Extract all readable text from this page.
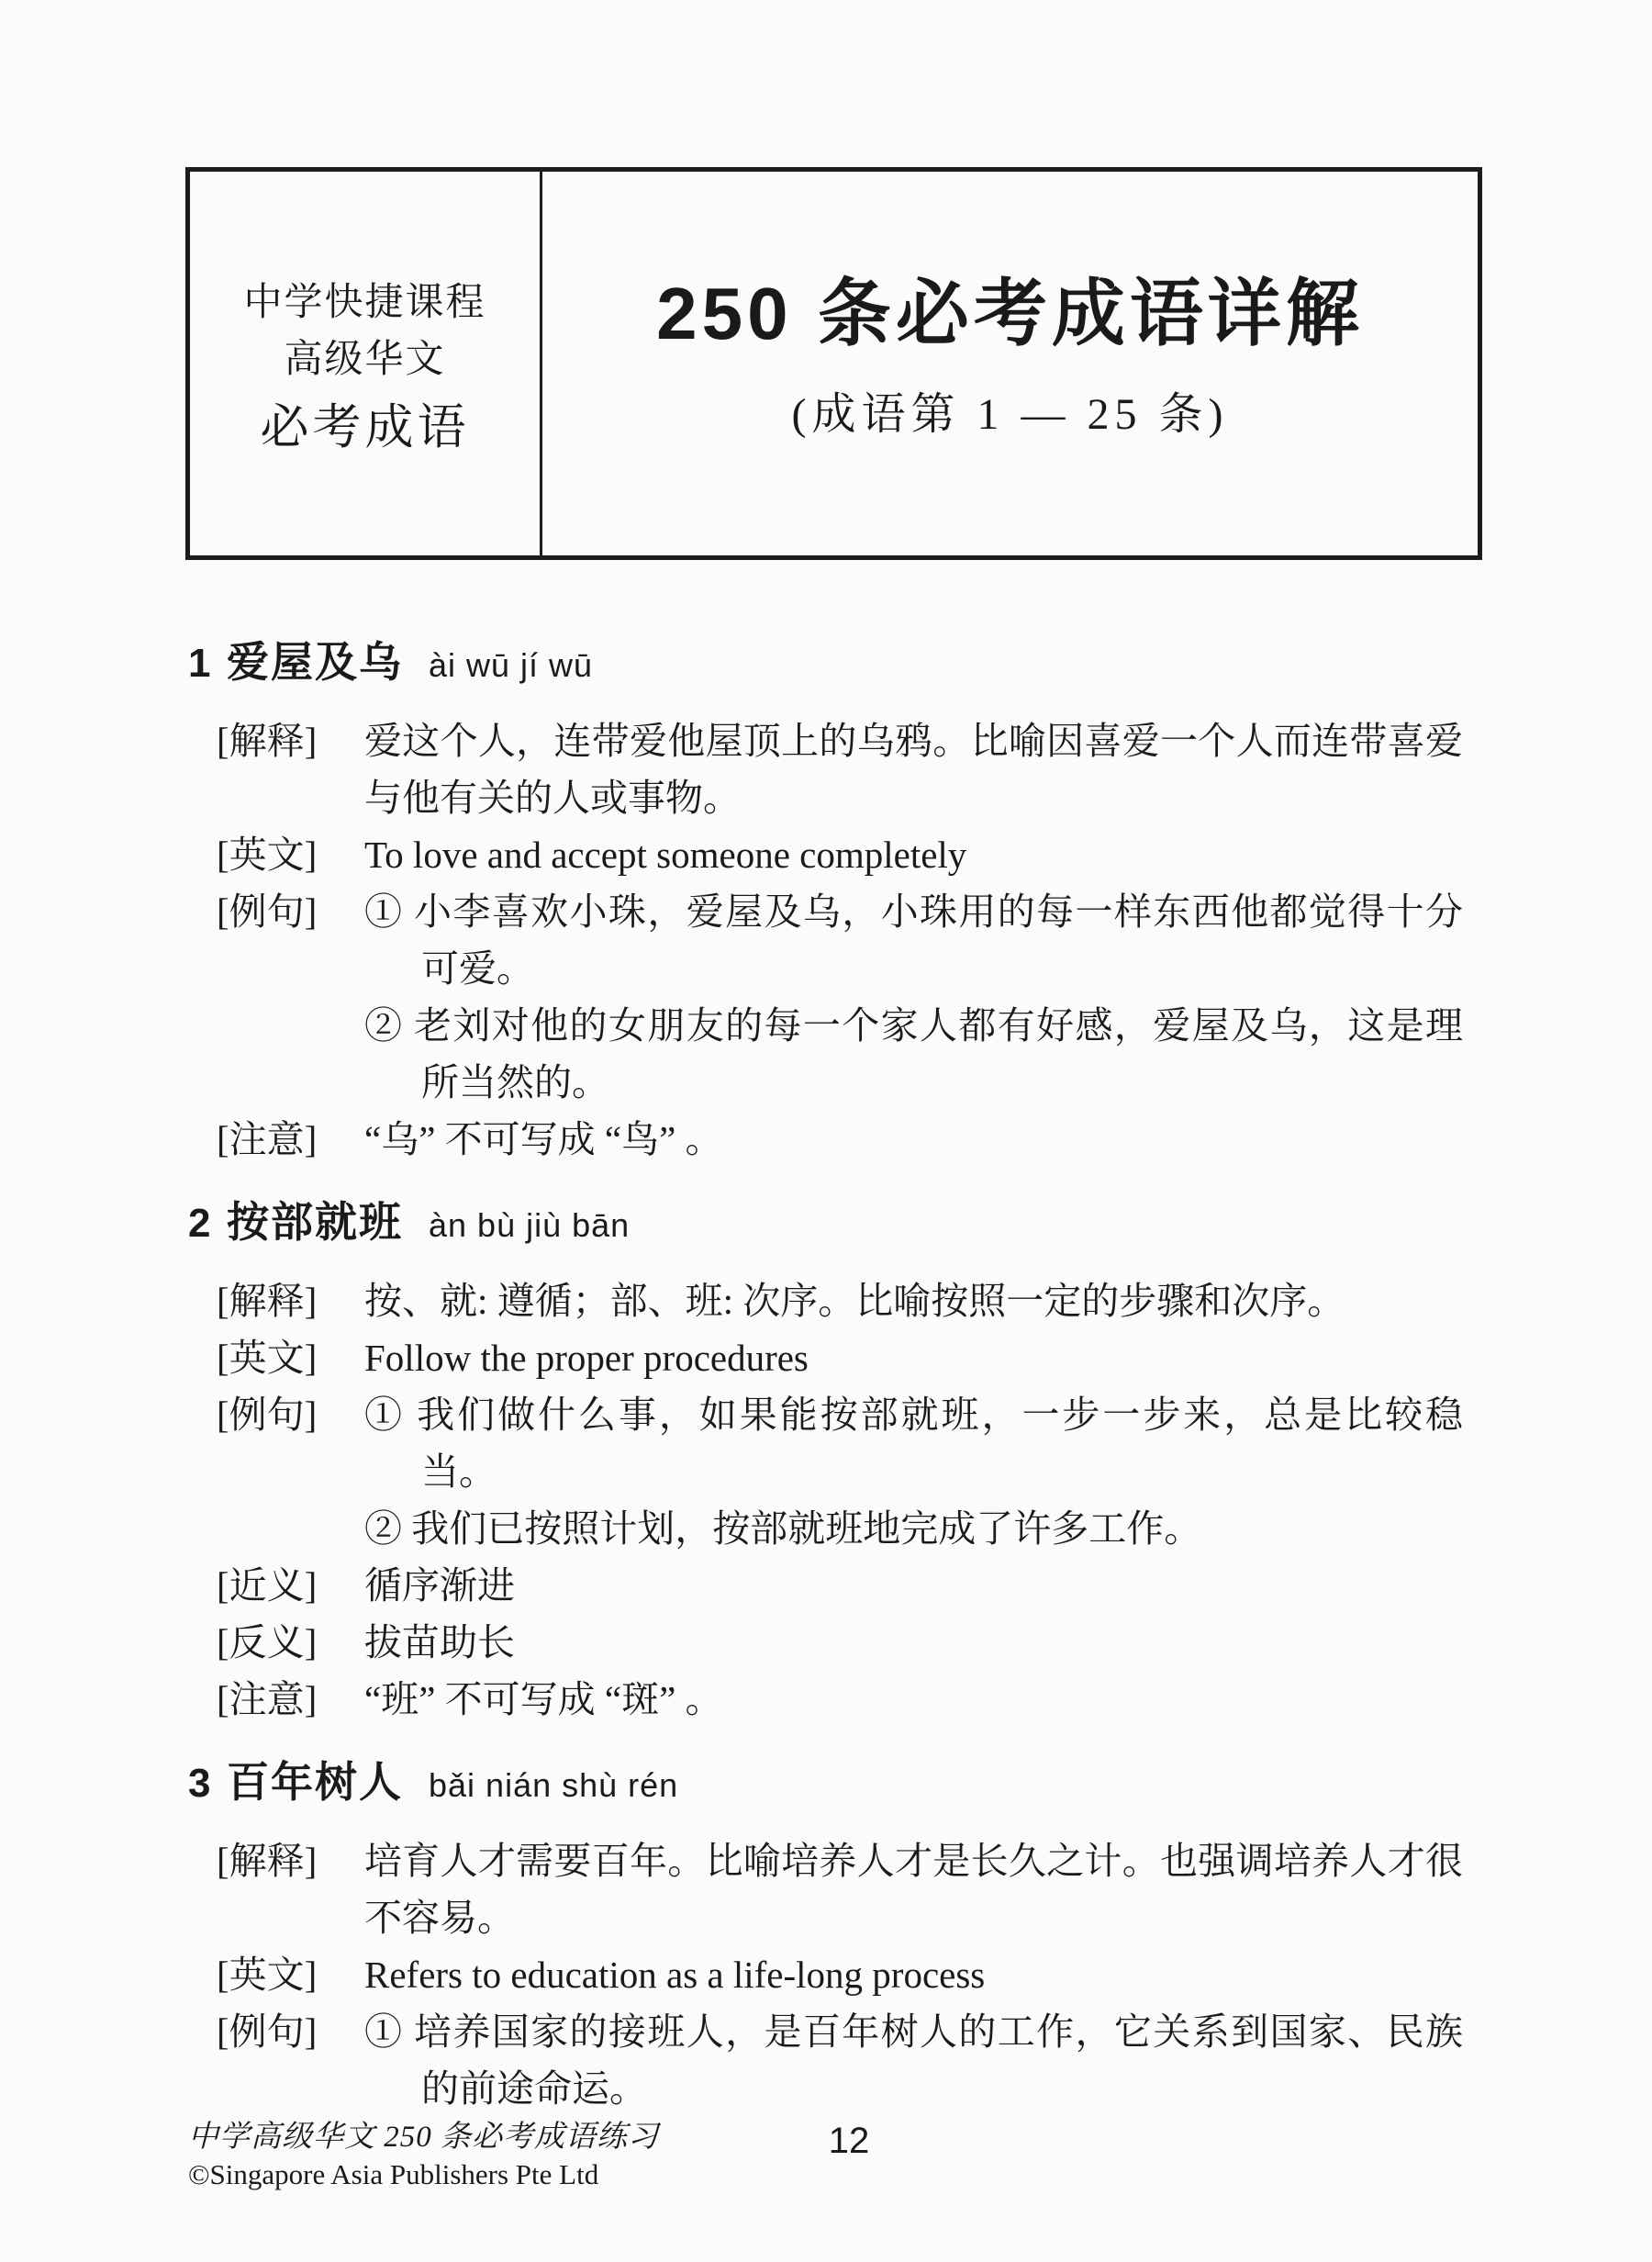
中学快捷课程
高级华文
必考成语
250 条必考成语详解
(成语第 1 — 25 条)
1 爱屋及乌 ài wū jí wū
[解释]	爱这个人，连带爱他屋顶上的乌鸦。比喻因喜爱一个人而连带喜爱与他有关的人或事物。
[英文]	To love and accept someone completely
[例句]	① 小李喜欢小珠，爱屋及乌，小珠用的每一样东西他都觉得十分可爱。

② 老刘对他的女朋友的每一个家人都有好感，爱屋及乌，这是理所当然的。

[注意]	“乌” 不可写成 “鸟” 。
2 按部就班 àn bù jiù bān
[解释]	按、就: 遵循；部、班: 次序。比喻按照一定的步骤和次序。
[英文]	Follow the proper procedures
[例句]	① 我们做什么事，如果能按部就班，一步一步来，总是比较稳当。

② 我们已按照计划，按部就班地完成了许多工作。

[近义]	循序渐进
[反义]	拔苗助长
[注意]	“班” 不可写成 “斑” 。
3 百年树人 bǎi nián shù rén
[解释]	培育人才需要百年。比喻培养人才是长久之计。也强调培养人才很不容易。
[英文]	Refers to education as a life-long process
[例句]	① 培养国家的接班人，是百年树人的工作，它关系到国家、民族的前途命运。

中学高级华文 250 条必考成语练习
©Singapore Asia Publishers Pte Ltd
12
